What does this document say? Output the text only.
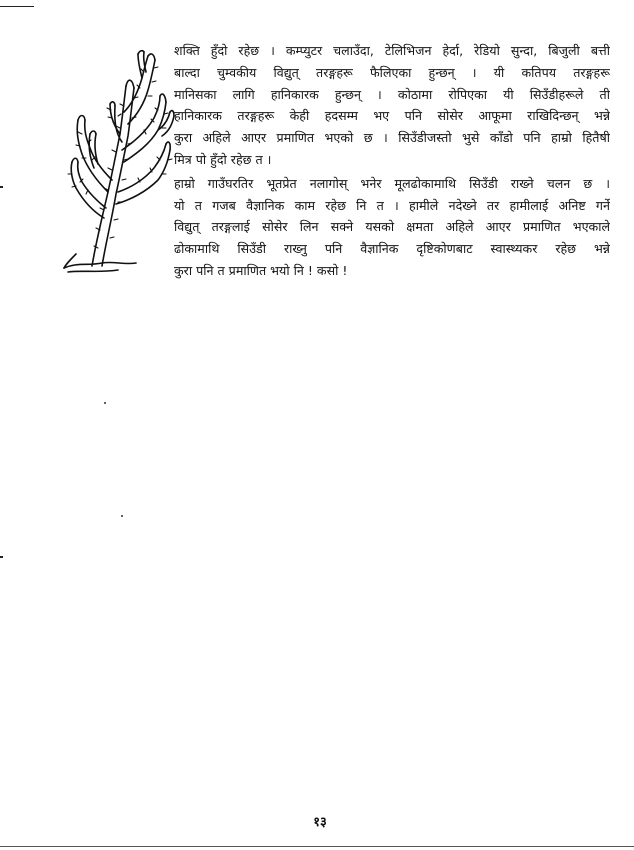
शक्ति हुँदो रहेछ । कम्प्युटर चलाउँदा, टेलिभिजन हेर्दा, रेडियो सुन्दा, बिजुली बत्ती
बाल्दा चुम्वकीय विद्युत् तरङ्गहरू फैलिएका हुन्छन् । यी कतिपय तरङ्गहरू
मानिसका लागि हानिकारक हुन्छन् । कोठामा रोपिएका यी सिउँडीहरूले ती
हानिकारक तरङ्गहरू केही हदसम्म भए पनि सोसेर आफूमा राखिदिन्छन् भन्ने
कुरा अहिले आएर प्रमाणित भएको छ । सिउँडीजस्तो भुसे काँडो पनि हाम्रो हितैषी
मित्र पो हुँदो रहेछ त ।

हाम्रो गाउँघरतिर भूतप्रेत नलागोस् भनेर मूलढोकामाथि सिउँडी राख्ने चलन छ ।
यो त गजब वैज्ञानिक काम रहेछ नि त । हामीले नदेख्ने तर हामीलाई अनिष्ट गर्ने
विद्युत् तरङ्गलाई सोसेर लिन सक्ने यसको क्षमता अहिले आएर प्रमाणित भएकाले
ढोकामाथि सिउँडी राख्नु पनि वैज्ञानिक दृष्टिकोणबाट स्वास्थ्यकर रहेछ भन्ने
कुरा पनि त प्रमाणित भयो नि ! कसो !

१३
